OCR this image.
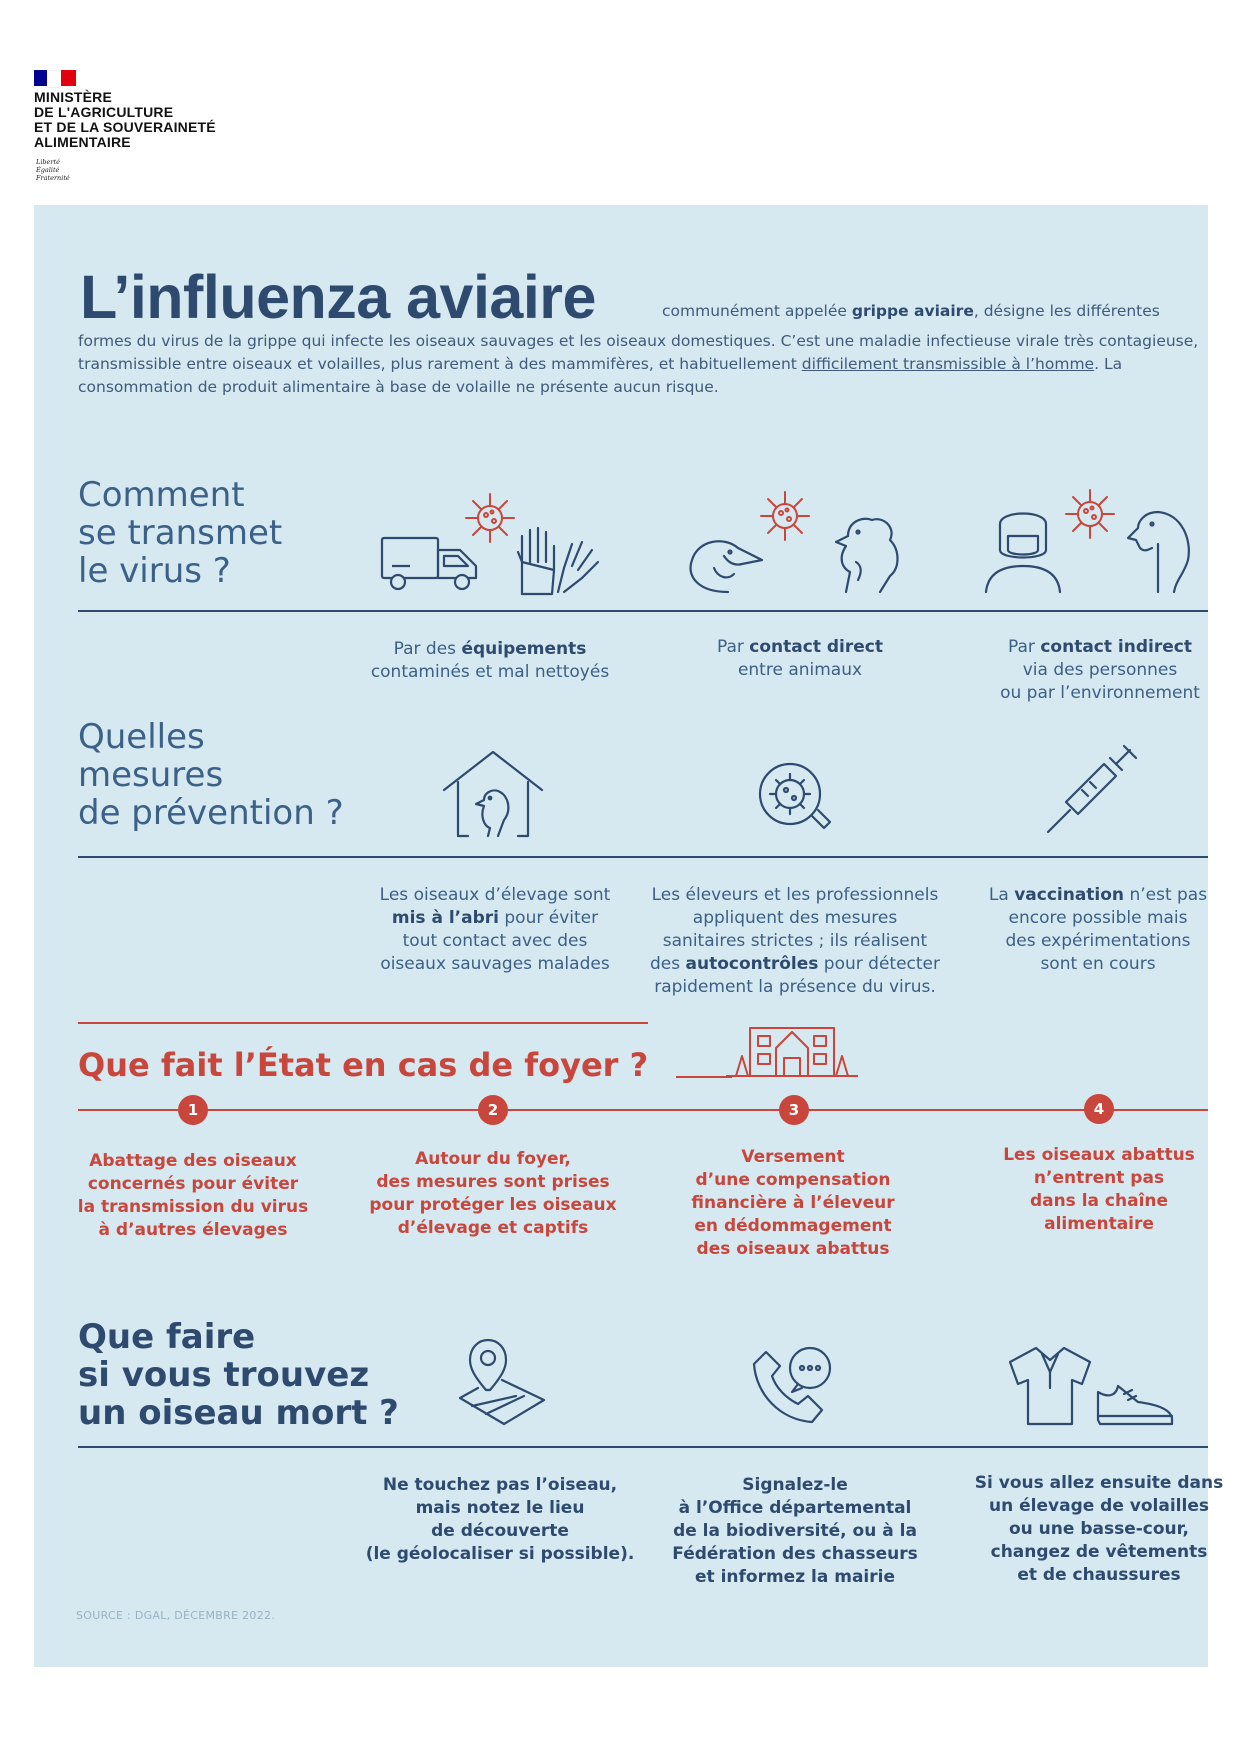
MINISTÈRE
DE L'AGRICULTURE
ET DE LA SOUVERAINETÉ
ALIMENTAIRE
Liberté
Égalité
Fraternité
L’influenza aviaire	communément appelée grippe aviaire, désigne les différentes
formes du virus de la grippe qui infecte les oiseaux sauvages et les oiseaux domestiques. C’est une maladie infectieuse virale très contagieuse, transmissible entre oiseaux et volailles, plus rarement à des mammifères, et habituellement difficilement transmissible à l’homme. La consommation de produit alimentaire à base de volaille ne présente aucun risque.
Comment
se transmet
le virus ?
Par des équipements
contaminés et mal nettoyés
Par contact direct
entre animaux
Par contact indirect
via des personnes
ou par l’environnement
Quelles
mesures
de prévention ?
Les oiseaux d’élevage sont
mis à l’abri pour éviter
tout contact avec des
oiseaux sauvages malades
Les éleveurs et les professionnels
appliquent des mesures
sanitaires strictes ; ils réalisent
des autocontrôles pour détecter
rapidement la présence du virus.
La vaccination n’est pas
encore possible mais
des expérimentations
sont en cours
Que fait l’État en cas de foyer ?
1	2	3	4
Abattage des oiseaux
concernés pour éviter
la transmission du virus
à d’autres élevages
Autour du foyer,
des mesures sont prises
pour protéger les oiseaux
d’élevage et captifs
Versement
d’une compensation
financière à l’éleveur
en dédommagement
des oiseaux abattus
Les oiseaux abattus
n’entrent pas
dans la chaîne
alimentaire
Que faire
si vous trouvez
un oiseau mort ?
Ne touchez pas l’oiseau,
mais notez le lieu
de découverte
(le géolocaliser si possible).
Signalez-le
à l’Office départemental
de la biodiversité, ou à la
Fédération des chasseurs
et informez la mairie
Si vous allez ensuite dans
un élevage de volailles
ou une basse-cour,
changez de vêtements
et de chaussures
SOURCE : DGAL, DÉCEMBRE 2022.
